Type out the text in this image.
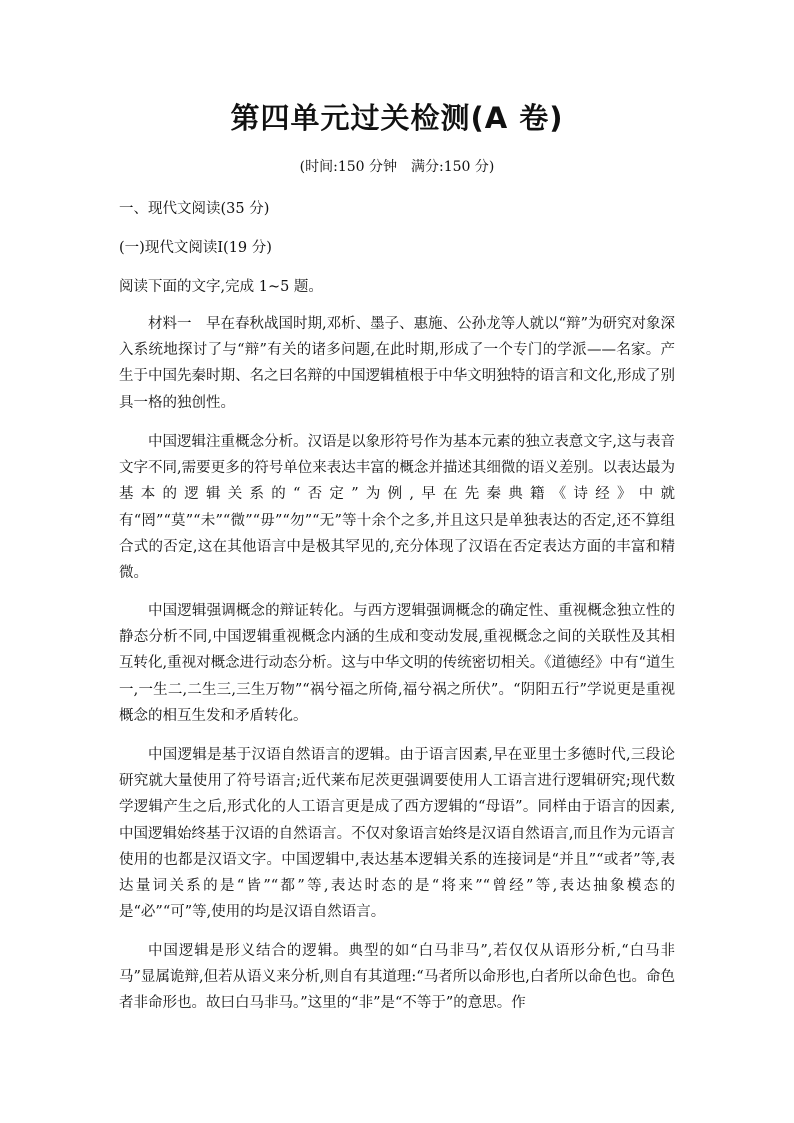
第四单元过关检测(A 卷)

(时间:150 分钟　满分:150 分)

一、现代文阅读(35 分)

(一)现代文阅读Ⅰ(19 分)

阅读下面的文字,完成 1~5 题。

材料一　早在春秋战国时期,邓析、墨子、惠施、公孙龙等人就以“辩”为研究对象深入系统地探讨了与“辩”有关的诸多问题,在此时期,形成了一个专门的学派——名家。产生于中国先秦时期、名之曰名辩的中国逻辑植根于中华文明独特的语言和文化,形成了别具一格的独创性。

中国逻辑注重概念分析。汉语是以象形符号作为基本元素的独立表意文字,这与表音文字不同,需要更多的符号单位来表达丰富的概念并描述其细微的语义差别。以表达最为基本的逻辑关系的“否定”为例,早在先秦典籍《诗经》中就有“罔”“莫”“未”“微”“毋”“勿”“无”等十余个之多,并且这只是单独表达的否定,还不算组合式的否定,这在其他语言中是极其罕见的,充分体现了汉语在否定表达方面的丰富和精微。

中国逻辑强调概念的辩证转化。与西方逻辑强调概念的确定性、重视概念独立性的静态分析不同,中国逻辑重视概念内涵的生成和变动发展,重视概念之间的关联性及其相互转化,重视对概念进行动态分析。这与中华文明的传统密切相关。《道德经》中有“道生一,一生二,二生三,三生万物”“祸兮福之所倚,福兮祸之所伏”。“阴阳五行”学说更是重视概念的相互生发和矛盾转化。

中国逻辑是基于汉语自然语言的逻辑。由于语言因素,早在亚里士多德时代,三段论研究就大量使用了符号语言;近代莱布尼茨更强调要使用人工语言进行逻辑研究;现代数学逻辑产生之后,形式化的人工语言更是成了西方逻辑的“母语”。同样由于语言的因素,中国逻辑始终基于汉语的自然语言。不仅对象语言始终是汉语自然语言,而且作为元语言使用的也都是汉语文字。中国逻辑中,表达基本逻辑关系的连接词是“并且”“或者”等,表达量词关系的是“皆”“都”等,表达时态的是“将来”“曾经”等,表达抽象模态的是“必”“可”等,使用的均是汉语自然语言。

中国逻辑是形义结合的逻辑。典型的如“白马非马”,若仅仅从语形分析,“白马非马”显属诡辩,但若从语义来分析,则自有其道理:“马者所以命形也,白者所以命色也。命色者非命形也。故曰白马非马。”这里的“非”是“不等于”的意思。作
